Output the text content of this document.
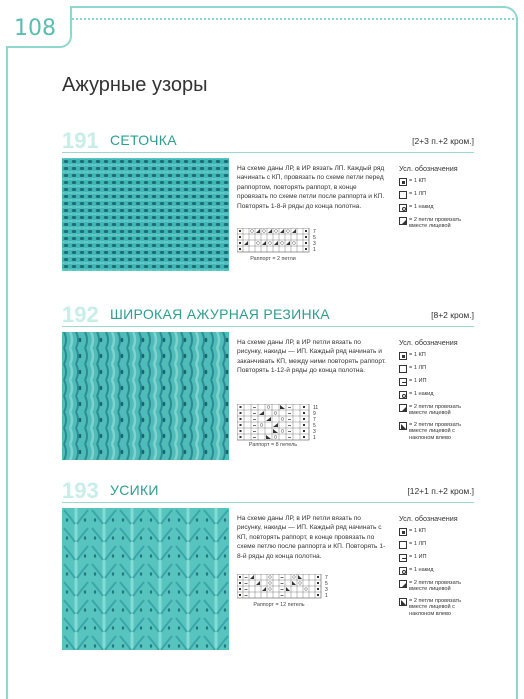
108
Ажурные узоры
191 СЕТОЧКА	[2+3 п.+2 кром.]
На схеме даны ЛР, в ИР вязать ЛП. Каждый ряд начинать с КП, провязать по схеме петли перед раппортом, повторять раппорт, в конце провязать по схеме петли после раппорта и КП. Повторять 1-8-й ряды до конца полотна.
7
5
3
1
Раппорт = 2 петли
Усл. обозначения
= 1 КП
= 1 ЛП
= 1 накид
= 2 петли провязать вместе лицевой
192 ШИРОКАЯ АЖУРНАЯ РЕЗИНКА	[8+2 кром.]
На схеме даны ЛР, в ИР петли вязать по рисунку, накиды — ИП. Каждый ряд начинать и заканчивать КП, между ними повторять раппорт. Повторять 1-12-й ряды до конца полотна.
11
9
7
5
3
1
Раппорт = 8 петель
Усл. обозначения
= 1 КП
= 1 ЛП
= 1 ИП
= 1 накид
= 2 петли провязать вместе лицевой
= 2 петли провязать вместе лицевой с наклоном влево
193 УСИКИ	[12+1 п.+2 кром.]
На схеме даны ЛР, в ИР петли вязать по рисунку, накиды — ИП. Каждый ряд начинать с КП, повторять раппорт, в конце провязать по схеме петлю после раппорта и КП. Повторять 1-8-й ряды до конца полотна.
7
5
3
1
Раппорт = 12 петель
Усл. обозначения
= 1 КП
= 1 ЛП
= 1 ИП
= 1 накид
= 2 петли провязать вместе лицевой
= 2 петли провязать вместе лицевой с наклоном влево
